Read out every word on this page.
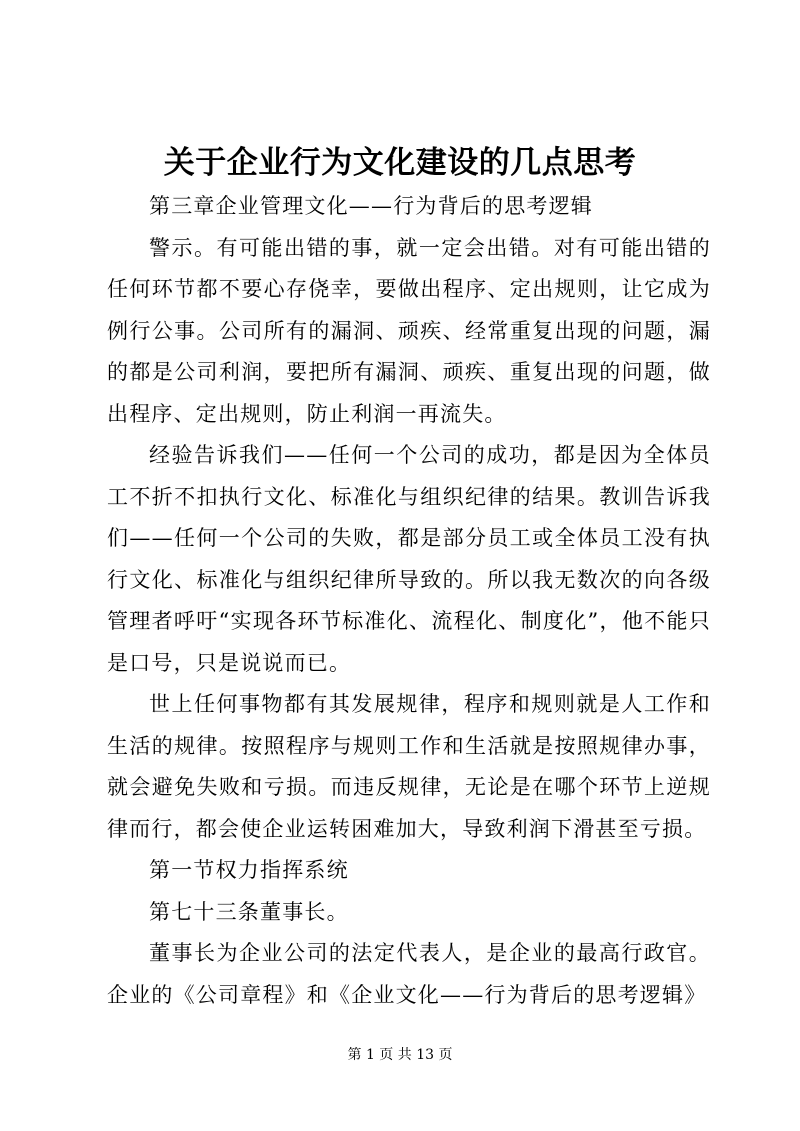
关于企业行为文化建设的几点思考

第三章企业管理文化——行为背后的思考逻辑

警示。有可能出错的事，就一定会出错。对有可能出错的任何环节都不要心存侥幸，要做出程序、定出规则，让它成为例行公事。公司所有的漏洞、顽疾、经常重复出现的问题，漏的都是公司利润，要把所有漏洞、顽疾、重复出现的问题，做出程序、定出规则，防止利润一再流失。

经验告诉我们——任何一个公司的成功，都是因为全体员工不折不扣执行文化、标准化与组织纪律的结果。教训告诉我们——任何一个公司的失败，都是部分员工或全体员工没有执行文化、标准化与组织纪律所导致的。所以我无数次的向各级管理者呼吁“实现各环节标准化、流程化、制度化”，他不能只是口号，只是说说而已。

世上任何事物都有其发展规律，程序和规则就是人工作和生活的规律。按照程序与规则工作和生活就是按照规律办事，就会避免失败和亏损。而违反规律，无论是在哪个环节上逆规律而行，都会使企业运转困难加大，导致利润下滑甚至亏损。

第一节权力指挥系统

第七十三条董事长。

董事长为企业公司的法定代表人，是企业的最高行政官。企业的《公司章程》和《企业文化——行为背后的思考逻辑》

第 1 页 共 13 页
